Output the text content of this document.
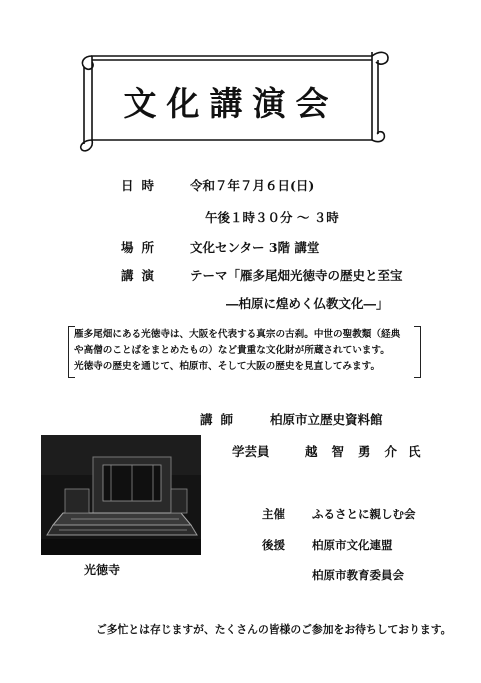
文化講演会
日時 令和７年７月６日(日)
午後１時３０分 ～ ３時
場所 文化センター 3階 講堂
講演 テーマ「雁多尾畑光徳寺の歴史と至宝
―柏原に煌めく仏教文化―」
雁多尾畑にある光徳寺は、大阪を代表する真宗の古刹。中世の聖教類（経典
や高僧のことばをまとめたもの）など貴重な文化財が所蔵されています。
光徳寺の歴史を通じて、柏原市、そして大阪の歴史を見直してみます。
講師 柏原市立歴史資料館
学芸員	越智勇介
氏
光徳寺
主催 ふるさとに親しむ会
後援 柏原市文化連盟
柏原市教育委員会
ご多忙とは存じますが、たくさんの皆様のご参加をお待ちしております。
